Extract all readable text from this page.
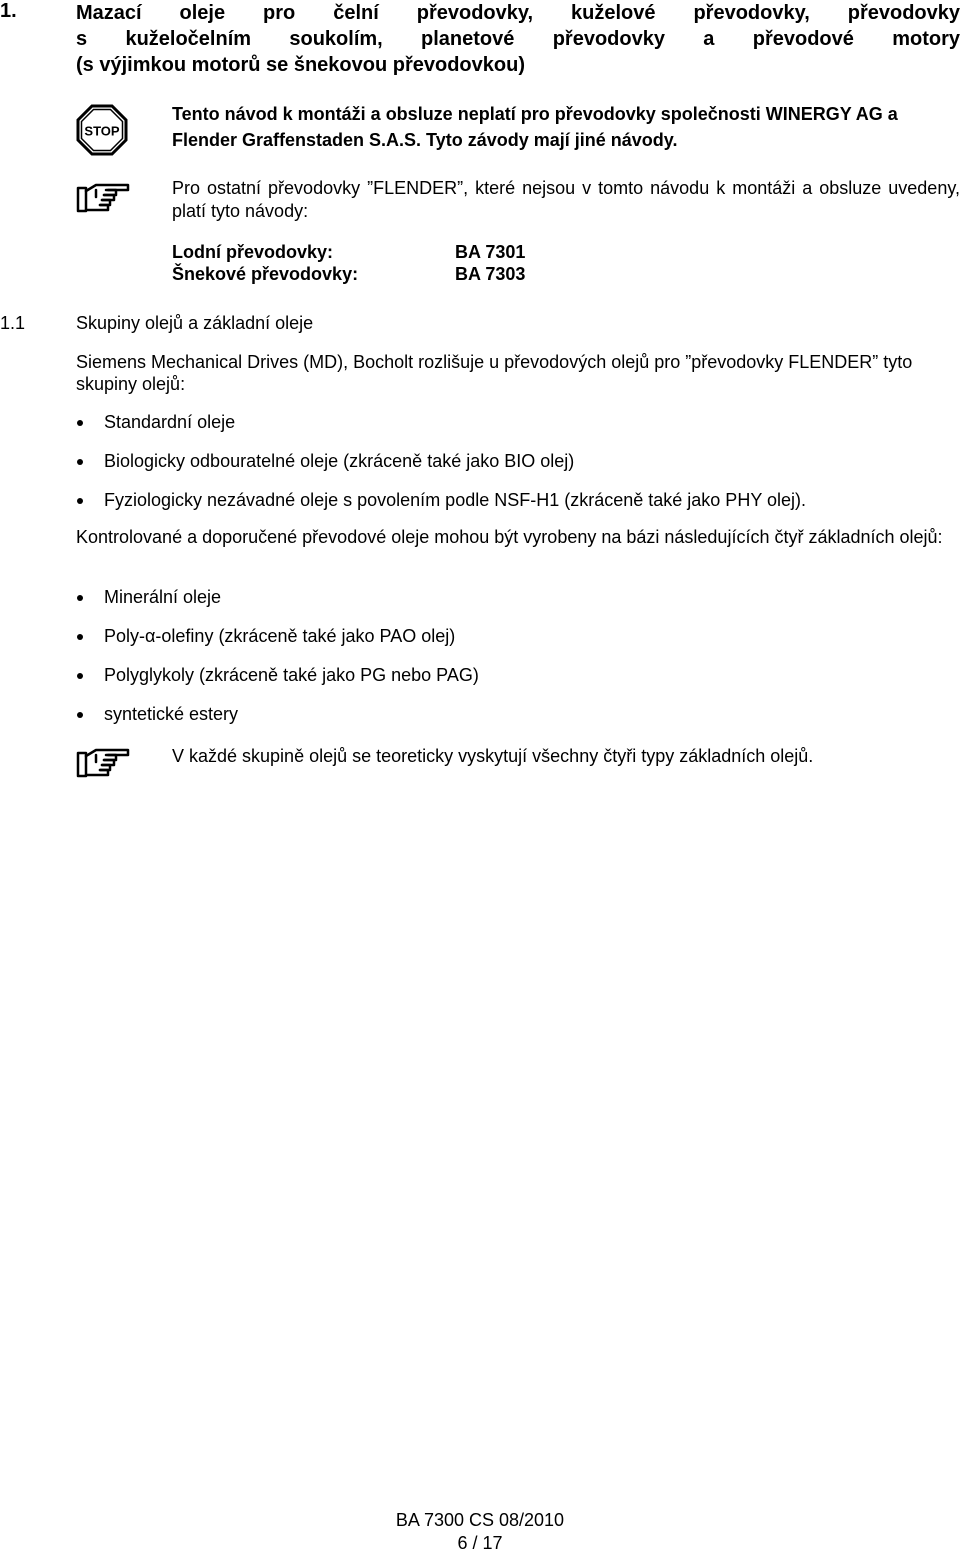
1.	Mazací oleje pro čelní převodovky, kuželové převodovky, převodovky
s kuželočelním soukolím, planetové převodovky a převodové motory
(s výjimkou motorů se šnekovou převodovkou)
STOP
Tento návod k montáži a obsluze neplatí pro převodovky společnosti WINERGY AG a Flender Graffenstaden S.A.S. Tyto závody mají jiné návody.
Pro ostatní převodovky ”FLENDER”, které nejsou v tomto návodu k montáži a obsluze uvedeny, platí tyto návody:
Lodní převodovky:	BA 7301
Šnekové převodovky:	BA 7303
1.1	Skupiny olejů a základní oleje
Siemens Mechanical Drives (MD), Bocholt rozlišuje u převodových olejů pro ”převodovky FLENDER” tyto skupiny olejů:
Standardní oleje
Biologicky odbouratelné oleje (zkráceně také jako BIO olej)
Fyziologicky nezávadné oleje s povolením podle NSF-H1 (zkráceně také jako PHY olej).
Kontrolované a doporučené převodové oleje mohou být vyrobeny na bázi následujících čtyř základních olejů:
Minerální oleje
Poly-α-olefiny (zkráceně také jako PAO olej)
Polyglykoly (zkráceně také jako PG nebo PAG)
syntetické estery
V každé skupině olejů se teoreticky vyskytují všechny čtyři typy základních olejů.
BA 7300 CS 08/2010
6 / 17
